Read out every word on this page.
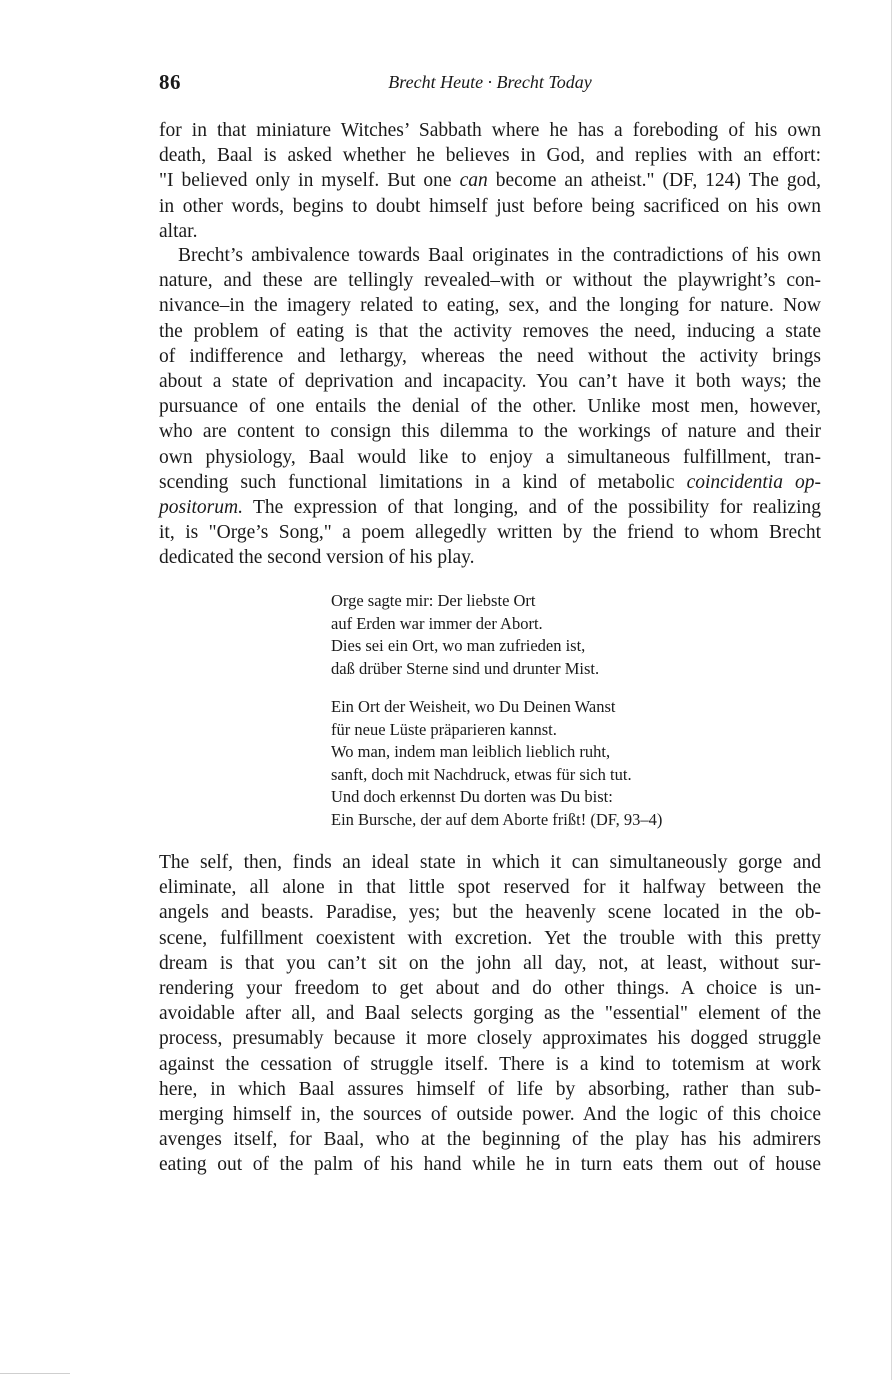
86	Brecht Heute · Brecht Today
for in that miniature Witches’ Sabbath where he has a foreboding of his own
death, Baal is asked whether he believes in God, and replies with an effort:
"I believed only in myself. But one can become an atheist." (DF, 124) The god,
in other words, begins to doubt himself just before being sacrificed on his own
altar.
Brecht’s ambivalence towards Baal originates in the contradictions of his own
nature, and these are tellingly revealed–with or without the playwright’s con-
nivance–in the imagery related to eating, sex, and the longing for nature. Now
the problem of eating is that the activity removes the need, inducing a state
of indifference and lethargy, whereas the need without the activity brings
about a state of deprivation and incapacity. You can’t have it both ways; the
pursuance of one entails the denial of the other. Unlike most men, however,
who are content to consign this dilemma to the workings of nature and their
own physiology, Baal would like to enjoy a simultaneous fulfillment, tran-
scending such functional limitations in a kind of metabolic coincidentia op-
positorum. The expression of that longing, and of the possibility for realizing
it, is "Orge’s Song," a poem allegedly written by the friend to whom Brecht
dedicated the second version of his play.
Orge sagte mir: Der liebste Ort
auf Erden war immer der Abort.
Dies sei ein Ort, wo man zufrieden ist,
daß drüber Sterne sind und drunter Mist.
Ein Ort der Weisheit, wo Du Deinen Wanst
für neue Lüste präparieren kannst.
Wo man, indem man leiblich lieblich ruht,
sanft, doch mit Nachdruck, etwas für sich tut.
Und doch erkennst Du dorten was Du bist:
Ein Bursche, der auf dem Aborte frißt! (DF, 93–4)
The self, then, finds an ideal state in which it can simultaneously gorge and
eliminate, all alone in that little spot reserved for it halfway between the
angels and beasts. Paradise, yes; but the heavenly scene located in the ob-
scene, fulfillment coexistent with excretion. Yet the trouble with this pretty
dream is that you can’t sit on the john all day, not, at least, without sur-
rendering your freedom to get about and do other things. A choice is un-
avoidable after all, and Baal selects gorging as the "essential" element of the
process, presumably because it more closely approximates his dogged struggle
against the cessation of struggle itself. There is a kind to totemism at work
here, in which Baal assures himself of life by absorbing, rather than sub-
merging himself in, the sources of outside power. And the logic of this choice
avenges itself, for Baal, who at the beginning of the play has his admirers
eating out of the palm of his hand while he in turn eats them out of house
